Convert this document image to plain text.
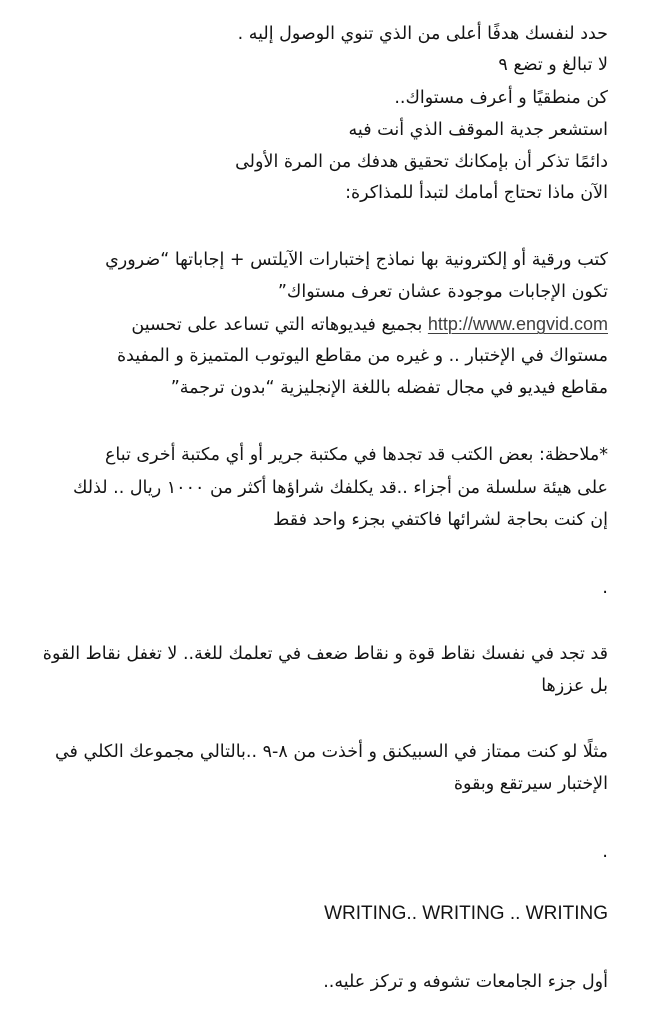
حدد لنفسك هدفًا أعلى من الذي تنوي الوصول إليه .

لا تبالغ و تضع ٩

كن منطقيًا و أعرف مستواك..

استشعر جدية الموقف الذي أنت فيه

دائمًا تذكر أن بإمكانك تحقيق هدفك من المرة الأولى

الآن ماذا تحتاج أمامك لتبدأ للمذاكرة:

كتب ورقية أو إلكترونية بها نماذج إختبارات الآيلتس + إجاباتها “ضروري

تكون الإجابات موجودة عشان تعرف مستواك”

http://www.engvid.com بجميع فيديوهاته التي تساعد على تحسين

مستواك في الإختبار .. و غيره من مقاطع اليوتوب المتميزة و المفيدة

مقاطع فيديو في مجال تفضله باللغة الإنجليزية “بدون ترجمة”

*ملاحظة: بعض الكتب قد تجدها في مكتبة جرير أو أي مكتبة أخرى تباع

على هيئة سلسلة من أجزاء ..قد يكلفك شراؤها أكثر من ١٠٠٠ ريال .. لذلك

إن كنت بحاجة لشرائها فاكتفي بجزء واحد فقط

.

قد تجد في نفسك نقاط قوة و نقاط ضعف في تعلمك للغة.. لا تغفل نقاط القوة

بل عززها

مثلًا لو كنت ممتاز في السبيكنق و أخذت من ٨-٩ ..بالتالي مجموعك الكلي في

الإختبار سيرتقع وبقوة

.

WRITING.. WRITING .. WRITING

أول جزء الجامعات تشوفه و تركز عليه..
